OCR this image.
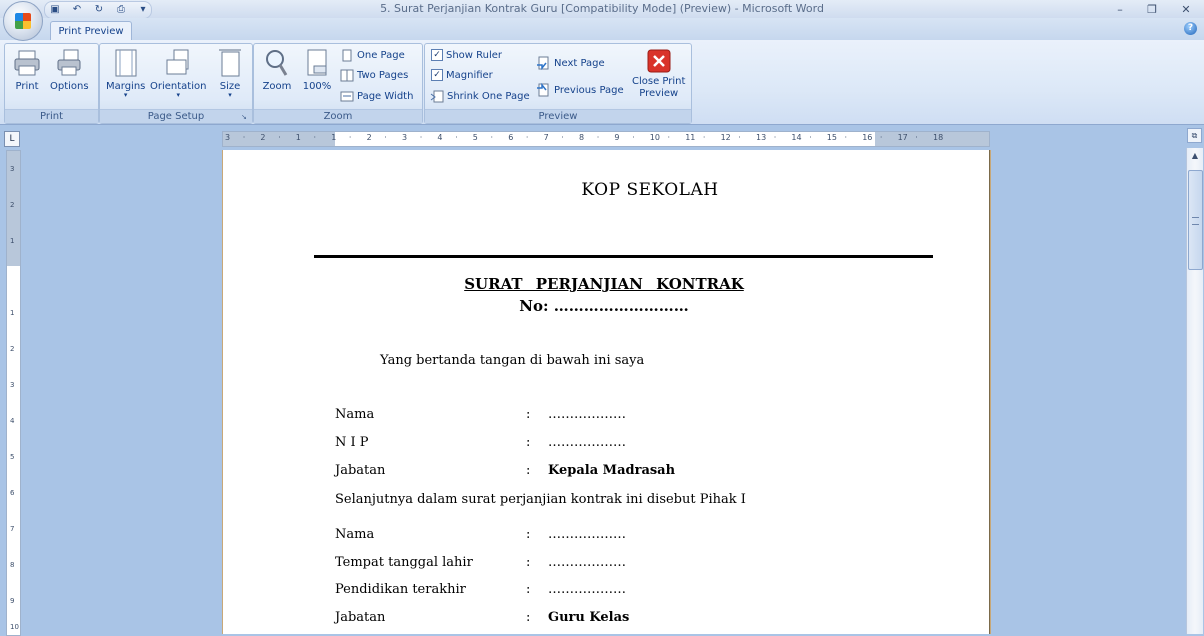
▣ ↶ ↻	⎙	▾	5. Surat Perjanjian Kontrak Guru [Compatibility Mode] (Preview) - Microsoft Word	–	❐	✕
Print Preview	?
Print
Print Options
Page Setup	↘
Margins
▾
Orientation
▾
Size
▾
Zoom
Zoom 100%
One Page
Two Pages
Page Width
Preview
✓ Show Ruler
✓ Magnifier
Shrink One Page
Next Page
Previous Page
Close Print
Preview
L	3 · 2 · 1 · 1 · 2 · 3 · 4 · 5 · 6 · 7 · 8 · 9 · 10 · 11 · 12 · 13 · 14 · 15 · 16 · 17 · 18
3
2
1
1
2
3
4
5
6
7
8
9
10
⧉
KOP SEKOLAH
SURAT PERJANJIAN KONTRAK
No: ………………………
Yang bertanda tangan di bawah ini saya
Nama	: ………………
N I P	: ………………
Jabatan	: Kepala Madrasah
Selanjutnya dalam surat perjanjian kontrak ini disebut Pihak I
Nama	: ………………
Tempat tanggal lahir	: ………………
Pendidikan terakhir	: ………………
Jabatan	: Guru Kelas
▲
